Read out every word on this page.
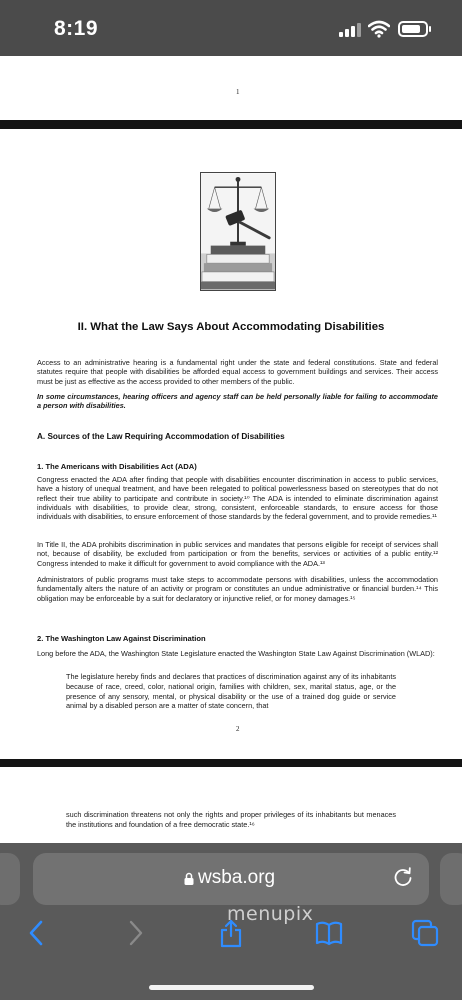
8:19
1
II. What the Law Says About Accommodating Disabilities

Access to an administrative hearing is a fundamental right under the state and federal constitutions. State and federal statutes require that people with disabilities be afforded equal access to government buildings and services. Their access must be just as effective as the access provided to other members of the public.

In some circumstances, hearing officers and agency staff can be held personally liable for failing to accommodate a person with disabilities.

A. Sources of the Law Requiring Accommodation of Disabilities
1. The Americans with Disabilities Act (ADA)

Congress enacted the ADA after finding that people with disabilities encounter discrimination in access to public services, have a history of unequal treatment, and have been relegated to political powerlessness based on stereotypes that do not reflect their true ability to participate and contribute in society.¹⁰ The ADA is intended to eliminate discrimination against individuals with disabilities, to provide clear, strong, consistent, enforceable standards, to ensure access for those individuals with disabilities, to ensure enforcement of those standards by the federal government, and to provide remedies.¹¹

In Title II, the ADA prohibits discrimination in public services and mandates that persons eligible for receipt of services shall not, because of disability, be excluded from participation or from the benefits, services or activities of a public entity.¹² Congress intended to make it difficult for government to avoid compliance with the ADA.¹³

Administrators of public programs must take steps to accommodate persons with disabilities, unless the accommodation fundamentally alters the nature of an activity or program or constitutes an undue administrative or financial burden.¹⁴ This obligation may be enforceable by a suit for declaratory or injunctive relief, or for money damages.¹⁵

2. The Washington Law Against Discrimination

Long before the ADA, the Washington State Legislature enacted the Washington State Law Against Discrimination (WLAD):

The legislature hereby finds and declares that practices of discrimination against any of its inhabitants because of race, creed, color, national origin, families with children, sex, marital status, age, or the presence of any sensory, mental, or physical disability or the use of a trained dog guide or service animal by a disabled person are a matter of state concern, that

2

such discrimination threatens not only the rights and proper privileges of its inhabitants but menaces the institutions and foundation of a free democratic state.¹⁶

wsba.org
menupix
